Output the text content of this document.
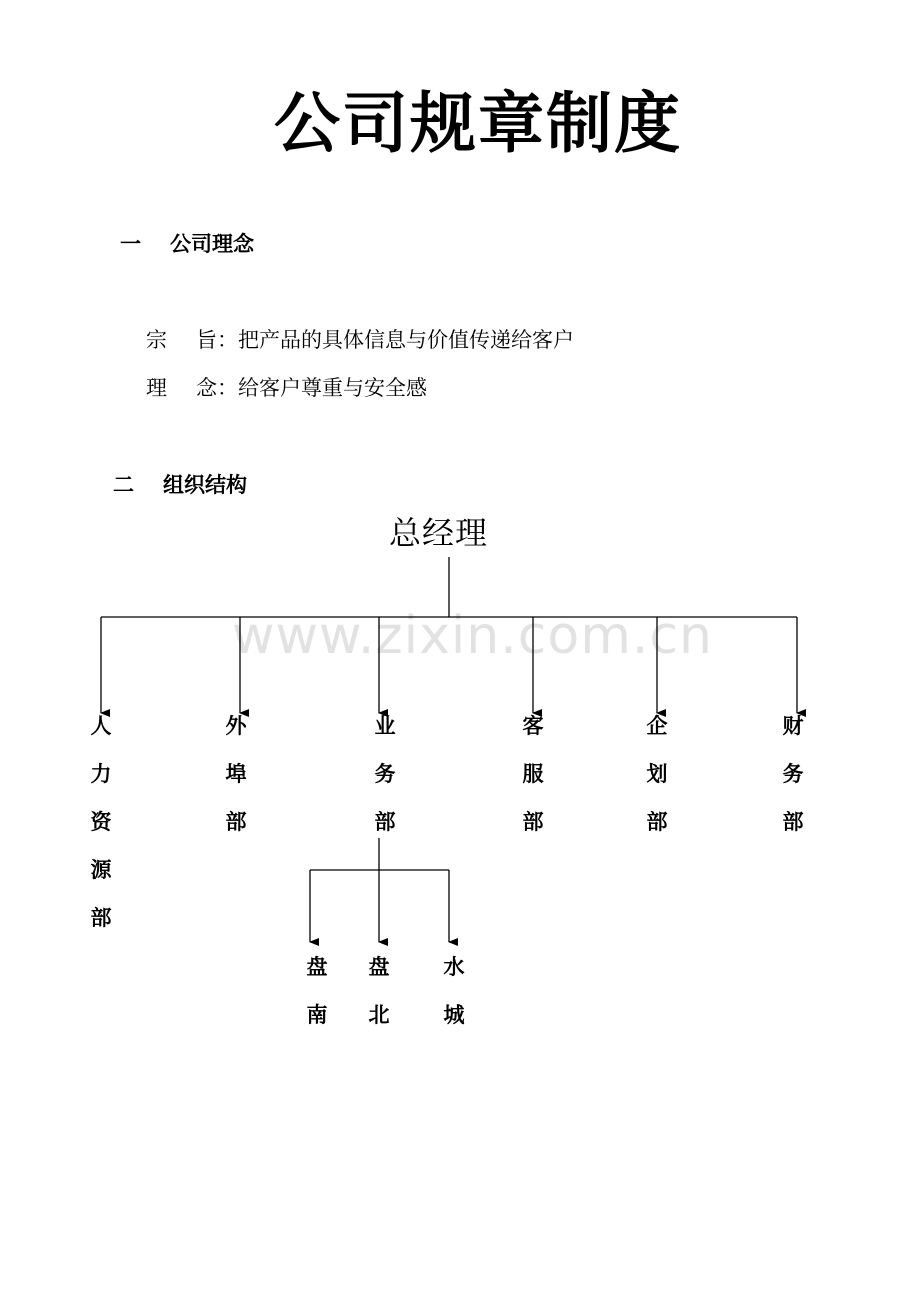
公司规章制度
一 公司理念
宗 旨：把产品的具体信息与价值传递给客户
理 念：给客户尊重与安全感
二 组织结构
www.zixin.com.cn
总经理
人
力
资
源
部
外
埠
部
业
务
部
客
服
部
企
划
部
财
务
部
盘
南
盘
北
水
城
